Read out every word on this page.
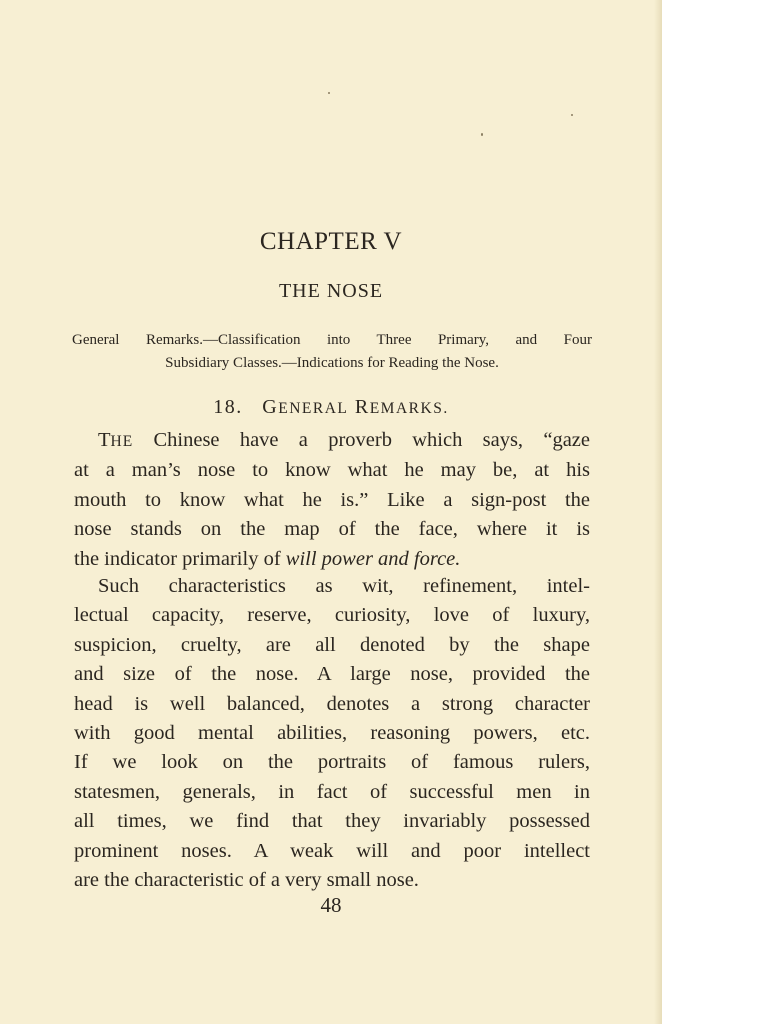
CHAPTER V
THE NOSE
General Remarks.—Classification into Three Primary, and Four
Subsidiary Classes.—Indications for Reading the Nose.
18. GENERAL REMARKS.
THE Chinese have a proverb which says, “gaze
at a man’s nose to know what he may be, at his
mouth to know what he is.” Like a sign-post the
nose stands on the map of the face, where it is
the indicator primarily of will power and force.
Such characteristics as wit, refinement, intel-
lectual capacity, reserve, curiosity, love of luxury,
suspicion, cruelty, are all denoted by the shape
and size of the nose. A large nose, provided the
head is well balanced, denotes a strong character
with good mental abilities, reasoning powers, etc.
If we look on the portraits of famous rulers,
statesmen, generals, in fact of successful men in
all times, we find that they invariably possessed
prominent noses. A weak will and poor intellect
are the characteristic of a very small nose.
48
